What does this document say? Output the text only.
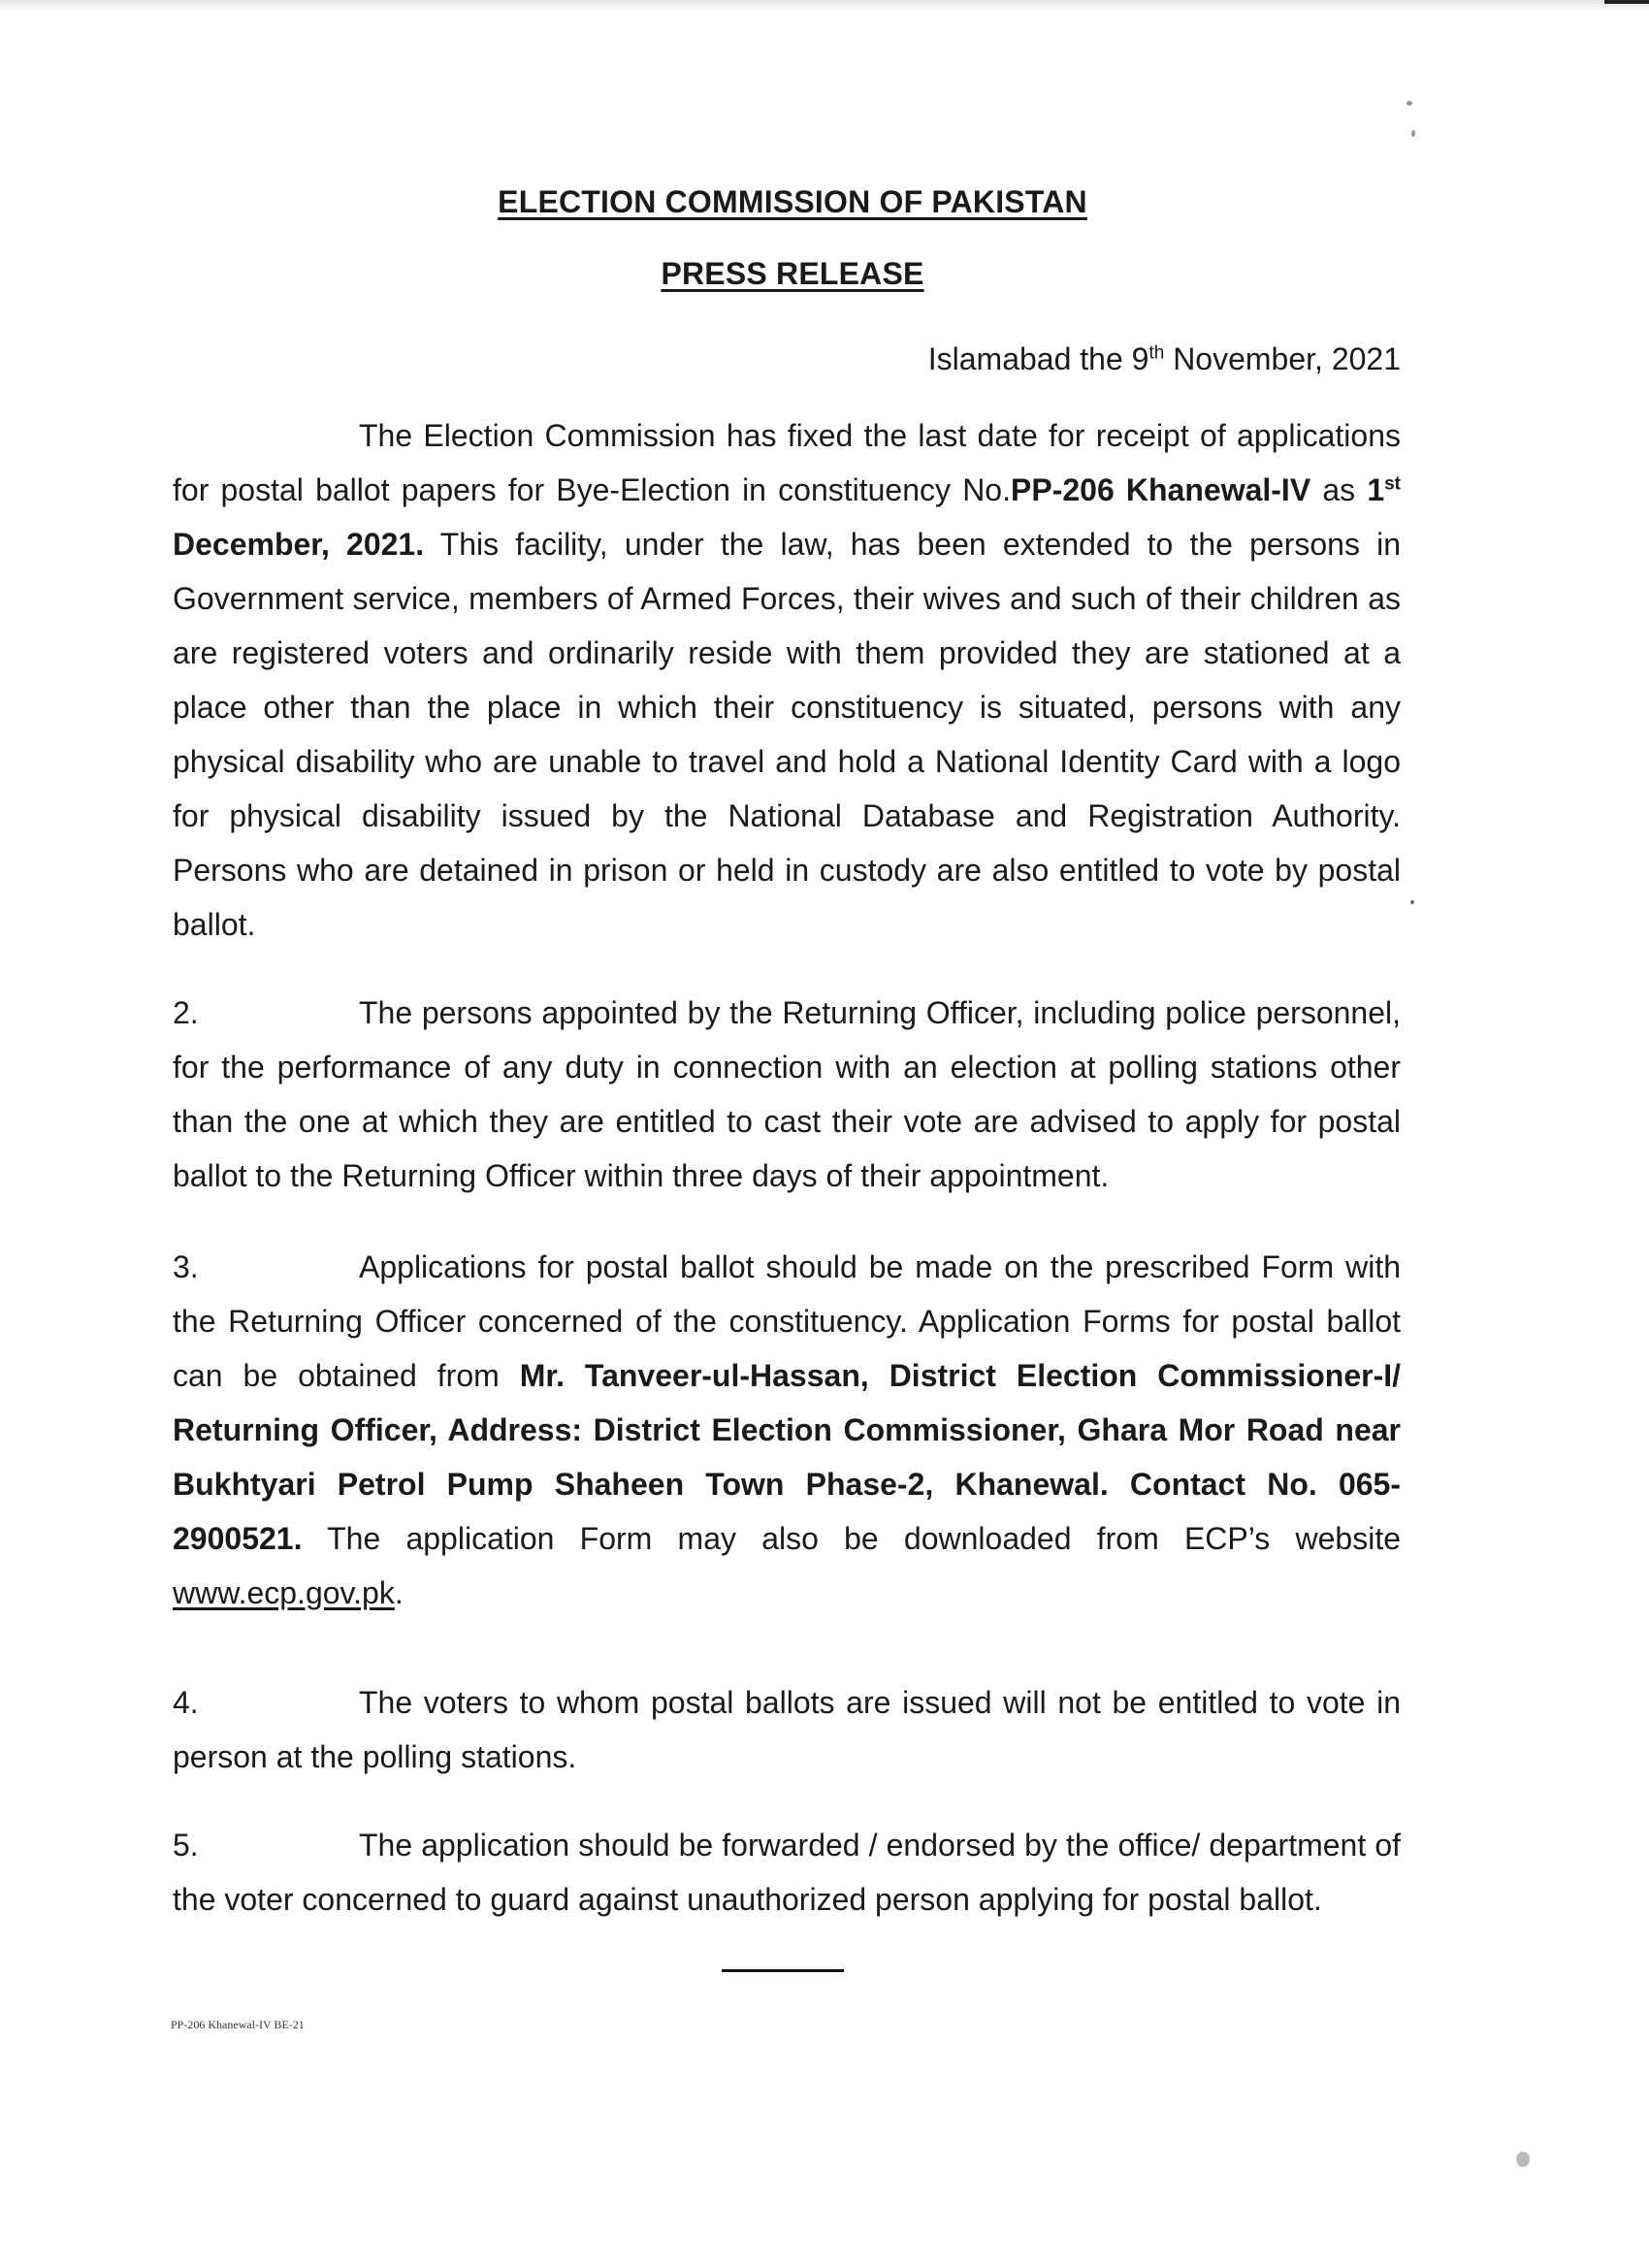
ELECTION COMMISSION OF PAKISTAN
PRESS RELEASE
Islamabad the 9th November, 2021
The Election Commission has fixed the last date for receipt of applications for postal ballot papers for Bye-Election in constituency No.PP-206 Khanewal-IV as 1st December, 2021. This facility, under the law, has been extended to the persons in Government service, members of Armed Forces, their wives and such of their children as are registered voters and ordinarily reside with them provided they are stationed at a place other than the place in which their constituency is situated, persons with any physical disability who are unable to travel and hold a National Identity Card with a logo for physical disability issued by the National Database and Registration Authority. Persons who are detained in prison or held in custody are also entitled to vote by postal ballot.
2.	The persons appointed by the Returning Officer, including police personnel, for the performance of any duty in connection with an election at polling stations other than the one at which they are entitled to cast their vote are advised to apply for postal ballot to the Returning Officer within three days of their appointment.
3.	Applications for postal ballot should be made on the prescribed Form with the Returning Officer concerned of the constituency. Application Forms for postal ballot can be obtained from Mr. Tanveer-ul-Hassan, District Election Commissioner-I/ Returning Officer, Address: District Election Commissioner, Ghara Mor Road near Bukhtyari Petrol Pump Shaheen Town Phase-2, Khanewal. Contact No. 065-2900521. The application Form may also be downloaded from ECP’s website www.ecp.gov.pk.
4.	The voters to whom postal ballots are issued will not be entitled to vote in person at the polling stations.
5.	The application should be forwarded / endorsed by the office/ department of the voter concerned to guard against unauthorized person applying for postal ballot.
PP-206 Khanewal-IV BE-21
